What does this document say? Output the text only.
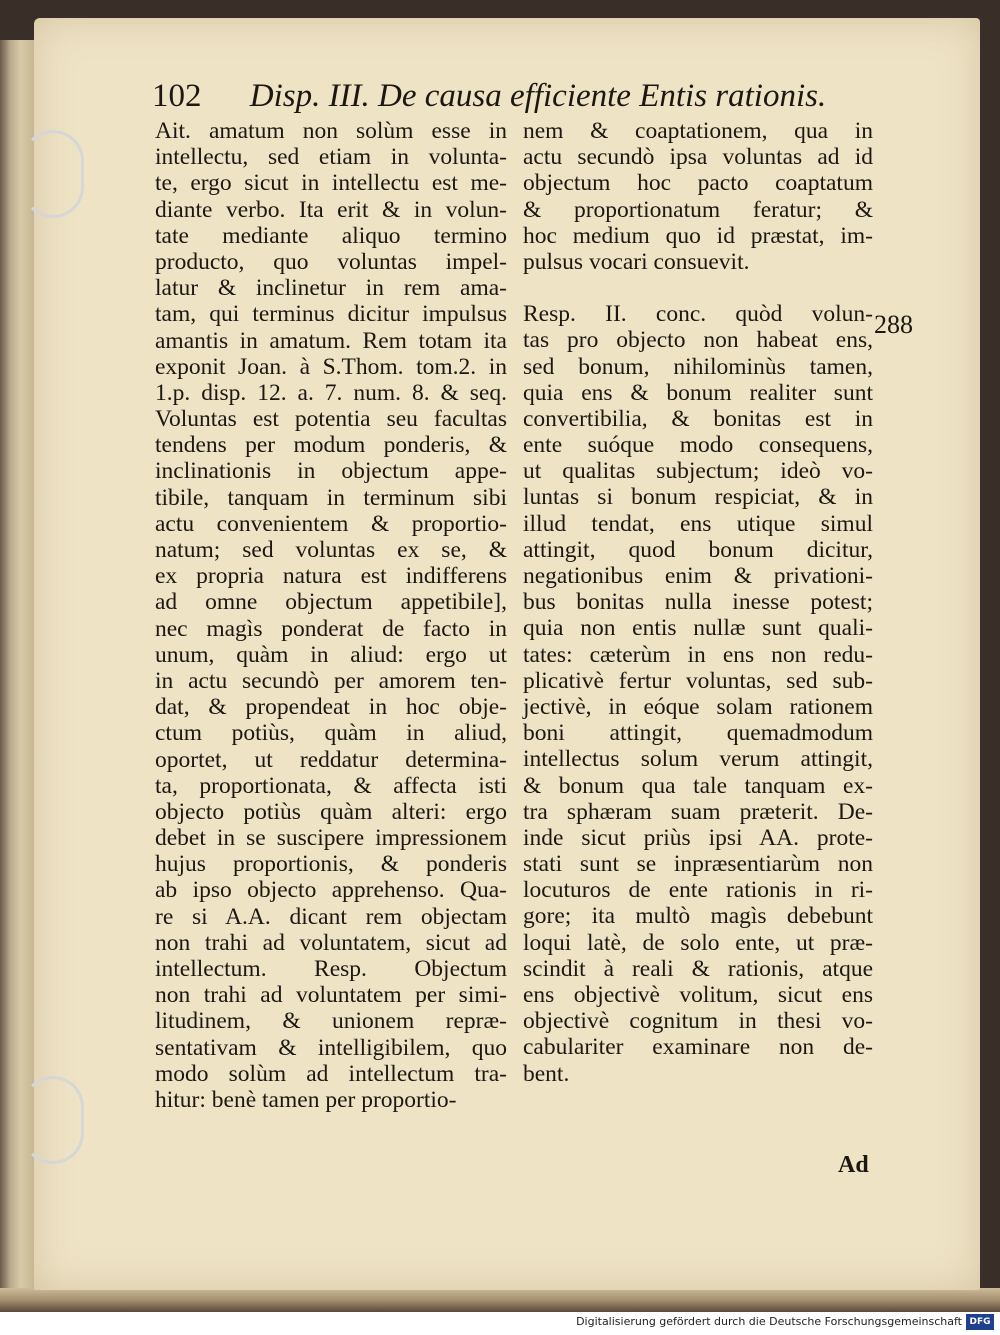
102 Disp. III. De causa efficiente Entis rationis.
Ait. amatum non solùm esse in
intellectu, sed etiam in volunta-
te, ergo sicut in intellectu est me-
diante verbo. Ita erit & in volun-
tate mediante aliquo termino
producto, quo voluntas impel-
latur & inclinetur in rem ama-
tam, qui terminus dicitur impulsus
amantis in amatum. Rem totam ita
exponit Joan. à S.Thom. tom.2. in
1.p. disp. 12. a. 7. num. 8. & seq.
Voluntas est potentia seu facultas
tendens per modum ponderis, &
inclinationis in objectum appe-
tibile, tanquam in terminum sibi
actu convenientem & proportio-
natum; sed voluntas ex se, &
ex propria natura est indifferens
ad omne objectum appetibile],
nec magìs ponderat de facto in
unum, quàm in aliud: ergo ut
in actu secundò per amorem ten-
dat, & propendeat in hoc obje-
ctum potiùs, quàm in aliud,
oportet, ut reddatur determina-
ta, proportionata, & affecta isti
objecto potiùs quàm alteri: ergo
debet in se suscipere impressionem
hujus proportionis, & ponderis
ab ipso objecto apprehenso. Qua-
re si A.A. dicant rem objectam
non trahi ad voluntatem, sicut ad
intellectum. Resp. Objectum
non trahi ad voluntatem per simi-
litudinem, & unionem repræ-
sentativam & intelligibilem, quo
modo solùm ad intellectum tra-
hitur: benè tamen per proportio-
nem & coaptationem, qua in
actu secundò ipsa voluntas ad id
objectum hoc pacto coaptatum
& proportionatum feratur; &
hoc medium quo id præstat, im-
pulsus vocari consuevit.
Resp. II. conc. quòd volun-
tas pro objecto non habeat ens,
sed bonum, nihilominùs tamen,
quia ens & bonum realiter sunt
convertibilia, & bonitas est in
ente suóque modo consequens,
ut qualitas subjectum; ideò vo-
luntas si bonum respiciat, & in
illud tendat, ens utique simul
attingit, quod bonum dicitur,
negationibus enim & privationi-
bus bonitas nulla inesse potest;
quia non entis nullæ sunt quali-
tates: cæterùm in ens non redu-
plicativè fertur voluntas, sed sub-
jectivè, in eóque solam rationem
boni attingit, quemadmodum
intellectus solum verum attingit,
& bonum qua tale tanquam ex-
tra sphæram suam præterit. De-
inde sicut priùs ipsi AA. prote-
stati sunt se inpræsentiarùm non
locuturos de ente rationis in ri-
gore; ita multò magìs debebunt
loqui latè, de solo ente, ut præ-
scindit à reali & rationis, atque
ens objectivè volitum, sicut ens
objectivè cognitum in thesi vo-
cabulariter examinare non de-
bent.
288
Ad
Digitalisierung gefördert durch die Deutsche Forschungsgemeinschaft DFG
